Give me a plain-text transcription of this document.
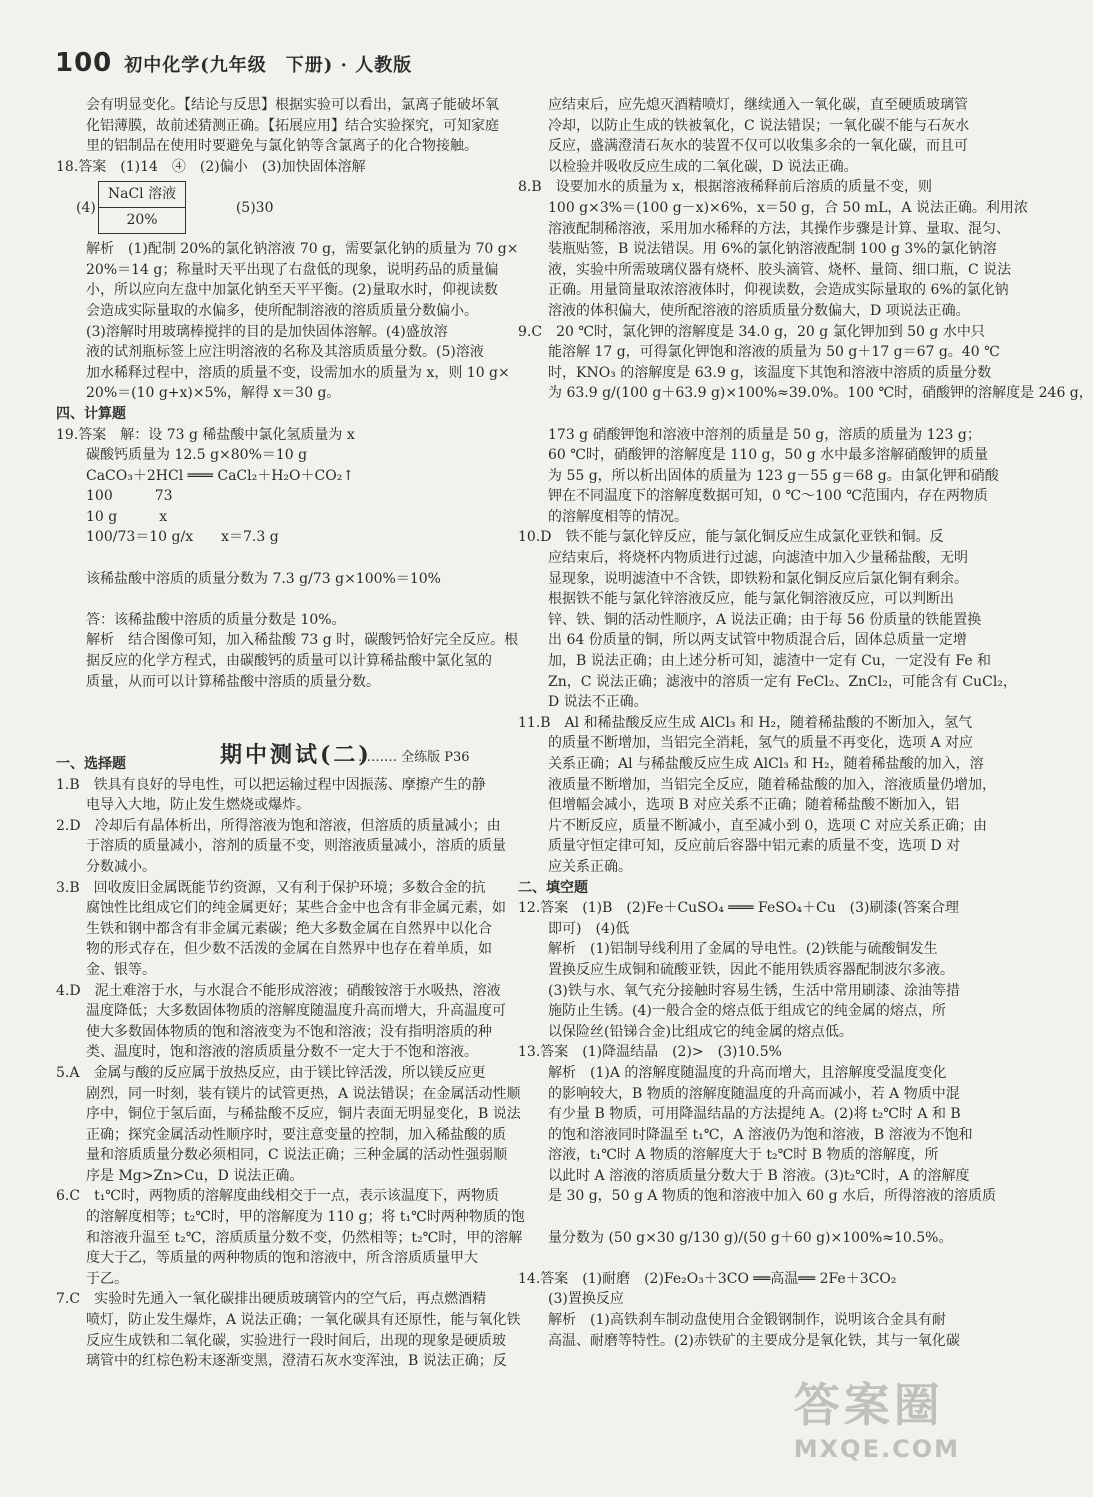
100 初中化学(九年级　下册) · 人教版
会有明显变化。【结论与反思】根据实验可以看出，氯离子能破坏氧
化铝薄膜，故前述猜测正确。【拓展应用】结合实验探究，可知家庭
里的铝制品在使用时要避免与氯化钠等含氯离子的化合物接触。
18.答案　(1)14　④　(2)偏小　(3)加快固体溶解

(4)　　　　　　　　　　(5)30

解析　(1)配制 20%的氯化钠溶液 70 g，需要氯化钠的质量为 70 g×
20%＝14 g；称量时天平出现了右盘低的现象，说明药品的质量偏
小，所以应向左盘中加氯化钠至天平平衡。(2)量取水时，仰视读数
会造成实际量取的水偏多，使所配制溶液的溶质质量分数偏小。
(3)溶解时用玻璃棒搅拌的目的是加快固体溶解。(4)盛放溶
液的试剂瓶标签上应注明溶液的名称及其溶质质量分数。(5)溶液
加水稀释过程中，溶质的质量不变，设需加水的质量为 x，则 10 g×
20%＝(10 g+x)×5%，解得 x＝30 g。
四、计算题
19.答案　解：设 73 g 稀盐酸中氯化氢质量为 x
碳酸钙质量为 12.5 g×80%＝10 g
CaCO₃＋2HCl ═══ CaCl₂＋H₂O＋CO₂↑
100　　　73
10 g　　　x
100/73＝10 g/x　　x＝7.3 g

该稀盐酸中溶质的质量分数为 7.3 g/73 g×100%＝10%

答：该稀盐酸中溶质的质量分数是 10%。
解析　结合图像可知，加入稀盐酸 73 g 时，碳酸钙恰好完全反应。根
据反应的化学方程式，由碳酸钙的质量可以计算稀盐酸中氯化氢的
质量，从而可以计算稀盐酸中溶质的质量分数。

一、选择题
1.B　铁具有良好的导电性，可以把运输过程中因振荡、摩擦产生的静
电导入大地，防止发生燃烧或爆炸。
2.D　冷却后有晶体析出，所得溶液为饱和溶液，但溶质的质量减小；由
于溶质的质量减小，溶剂的质量不变，则溶液质量减小，溶质的质量
分数减小。
3.B　回收废旧金属既能节约资源，又有利于保护环境；多数合金的抗
腐蚀性比组成它们的纯金属更好；某些合金中也含有非金属元素，如
生铁和钢中都含有非金属元素碳；绝大多数金属在自然界中以化合
物的形式存在，但少数不活泼的金属在自然界中也存在着单质，如
金、银等。
4.D　泥土难溶于水，与水混合不能形成溶液；硝酸铵溶于水吸热，溶液
温度降低；大多数固体物质的溶解度随温度升高而增大，升高温度可
使大多数固体物质的饱和溶液变为不饱和溶液；没有指明溶质的种
类、温度时，饱和溶液的溶质质量分数不一定大于不饱和溶液。
5.A　金属与酸的反应属于放热反应，由于镁比锌活泼，所以镁反应更
剧烈，同一时刻，装有镁片的试管更热，A 说法错误；在金属活动性顺
序中，铜位于氢后面，与稀盐酸不反应，铜片表面无明显变化，B 说法
正确；探究金属活动性顺序时，要注意变量的控制，加入稀盐酸的质
量和溶质质量分数必须相同，C 说法正确；三种金属的活动性强弱顺
序是 Mg>Zn>Cu，D 说法正确。
6.C　t₁℃时，两物质的溶解度曲线相交于一点，表示该温度下，两物质
的溶解度相等；t₂℃时，甲的溶解度为 110 g；将 t₁℃时两种物质的饱
和溶液升温至 t₂℃，溶质质量分数不变，仍然相等；t₂℃时，甲的溶解
度大于乙，等质量的两种物质的饱和溶液中，所含溶质质量甲大
于乙。
7.C　实验时先通入一氧化碳排出硬质玻璃管内的空气后，再点燃酒精
喷灯，防止发生爆炸，A 说法正确；一氧化碳具有还原性，能与氧化铁
反应生成铁和二氧化碳，实验进行一段时间后，出现的现象是硬质玻
璃管中的红棕色粉末逐渐变黑，澄清石灰水变浑浊，B 说法正确；反
NaCl 溶液
20%
期中测试(二)
……… 全练版 P36
应结束后，应先熄灭酒精喷灯，继续通入一氧化碳，直至硬质玻璃管
冷却，以防止生成的铁被氧化，C 说法错误；一氧化碳不能与石灰水
反应，盛满澄清石灰水的装置不仅可以收集多余的一氧化碳，而且可
以检验并吸收反应生成的二氧化碳，D 说法正确。
8.B　设要加水的质量为 x，根据溶液稀释前后溶质的质量不变，则
100 g×3%＝(100 g－x)×6%，x＝50 g，合 50 mL，A 说法正确。利用浓
溶液配制稀溶液，采用加水稀释的方法，其操作步骤是计算、量取、混匀、
装瓶贴签，B 说法错误。用 6%的氯化钠溶液配制 100 g 3%的氯化钠溶
液，实验中所需玻璃仪器有烧杯、胶头滴管、烧杯、量筒、细口瓶，C 说法
正确。用量筒量取浓溶液体时，仰视读数，会造成实际量取的 6%的氯化钠
溶液的体积偏大，使所配溶液的溶质质量分数偏大，D 项说法正确。
9.C　20 ℃时，氯化钾的溶解度是 34.0 g，20 g 氯化钾加到 50 g 水中只
能溶解 17 g，可得氯化钾饱和溶液的质量为 50 g＋17 g＝67 g。40 ℃
时，KNO₃ 的溶解度是 63.9 g，该温度下其饱和溶液中溶质的质量分数
为 63.9 g/(100 g＋63.9 g)×100%≈39.0%。100 ℃时，硝酸钾的溶解度是 246 g，

173 g 硝酸钾饱和溶液中溶剂的质量是 50 g，溶质的质量为 123 g；
60 ℃时，硝酸钾的溶解度是 110 g，50 g 水中最多溶解硝酸钾的质量
为 55 g，所以析出固体的质量为 123 g－55 g＝68 g。由氯化钾和硝酸
钾在不同温度下的溶解度数据可知，0 ℃～100 ℃范围内，存在两物质
的溶解度相等的情况。
10.D　铁不能与氯化锌反应，能与氯化铜反应生成氯化亚铁和铜。反
应结束后，将烧杯内物质进行过滤，向滤渣中加入少量稀盐酸，无明
显现象，说明滤渣中不含铁，即铁粉和氯化铜反应后氯化铜有剩余。
根据铁不能与氯化锌溶液反应，能与氯化铜溶液反应，可以判断出
锌、铁、铜的活动性顺序，A 说法正确；由于每 56 份质量的铁能置换
出 64 份质量的铜，所以两支试管中物质混合后，固体总质量一定增
加，B 说法正确；由上述分析可知，滤渣中一定有 Cu，一定没有 Fe 和
Zn，C 说法正确；滤液中的溶质一定有 FeCl₂、ZnCl₂，可能含有 CuCl₂，
D 说法不正确。
11.B　Al 和稀盐酸反应生成 AlCl₃ 和 H₂，随着稀盐酸的不断加入，氢气
的质量不断增加，当铝完全消耗，氢气的质量不再变化，选项 A 对应
关系正确；Al 与稀盐酸反应生成 AlCl₃ 和 H₂，随着稀盐酸的加入，溶
液质量不断增加，当铝完全反应，随着稀盐酸的加入，溶液质量仍增加，
但增幅会减小，选项 B 对应关系不正确；随着稀盐酸不断加入，铝
片不断反应，质量不断减小，直至减小到 0，选项 C 对应关系正确；由
质量守恒定律可知，反应前后容器中铝元素的质量不变，选项 D 对
应关系正确。
二、填空题
12.答案　(1)B　(2)Fe＋CuSO₄ ═══ FeSO₄＋Cu　(3)刷漆(答案合理
即可)　(4)低
解析　(1)铝制导线利用了金属的导电性。(2)铁能与硫酸铜发生
置换反应生成铜和硫酸亚铁，因此不能用铁质容器配制波尔多液。
(3)铁与水、氧气充分接触时容易生锈，生活中常用刷漆、涂油等措
施防止生锈。(4)一般合金的熔点低于组成它的纯金属的熔点，所
以保险丝(铅锑合金)比组成它的纯金属的熔点低。
13.答案　(1)降温结晶　(2)>　(3)10.5%
解析　(1)A 的溶解度随温度的升高而增大，且溶解度受温度变化
的影响较大，B 物质的溶解度随温度的升高而减小，若 A 物质中混
有少量 B 物质，可用降温结晶的方法提纯 A。(2)将 t₂℃时 A 和 B
的饱和溶液同时降温至 t₁℃，A 溶液仍为饱和溶液，B 溶液为不饱和
溶液，t₁℃时 A 物质的溶解度大于 t₂℃时 B 物质的溶解度，所
以此时 A 溶液的溶质质量分数大于 B 溶液。(3)t₂℃时，A 的溶解度
是 30 g，50 g A 物质的饱和溶液中加入 60 g 水后，所得溶液的溶质质

量分数为 (50 g×30 g/130 g)/(50 g＋60 g)×100%≈10.5%。

14.答案　(1)耐磨　(2)Fe₂O₃＋3CO ══高温══ 2Fe＋3CO₂
(3)置换反应
解析　(1)高铁刹车制动盘使用合金锻钢制作，说明该合金具有耐
高温、耐磨等特性。(2)赤铁矿的主要成分是氧化铁，其与一氧化碳
答案圈
MXQE.COM
